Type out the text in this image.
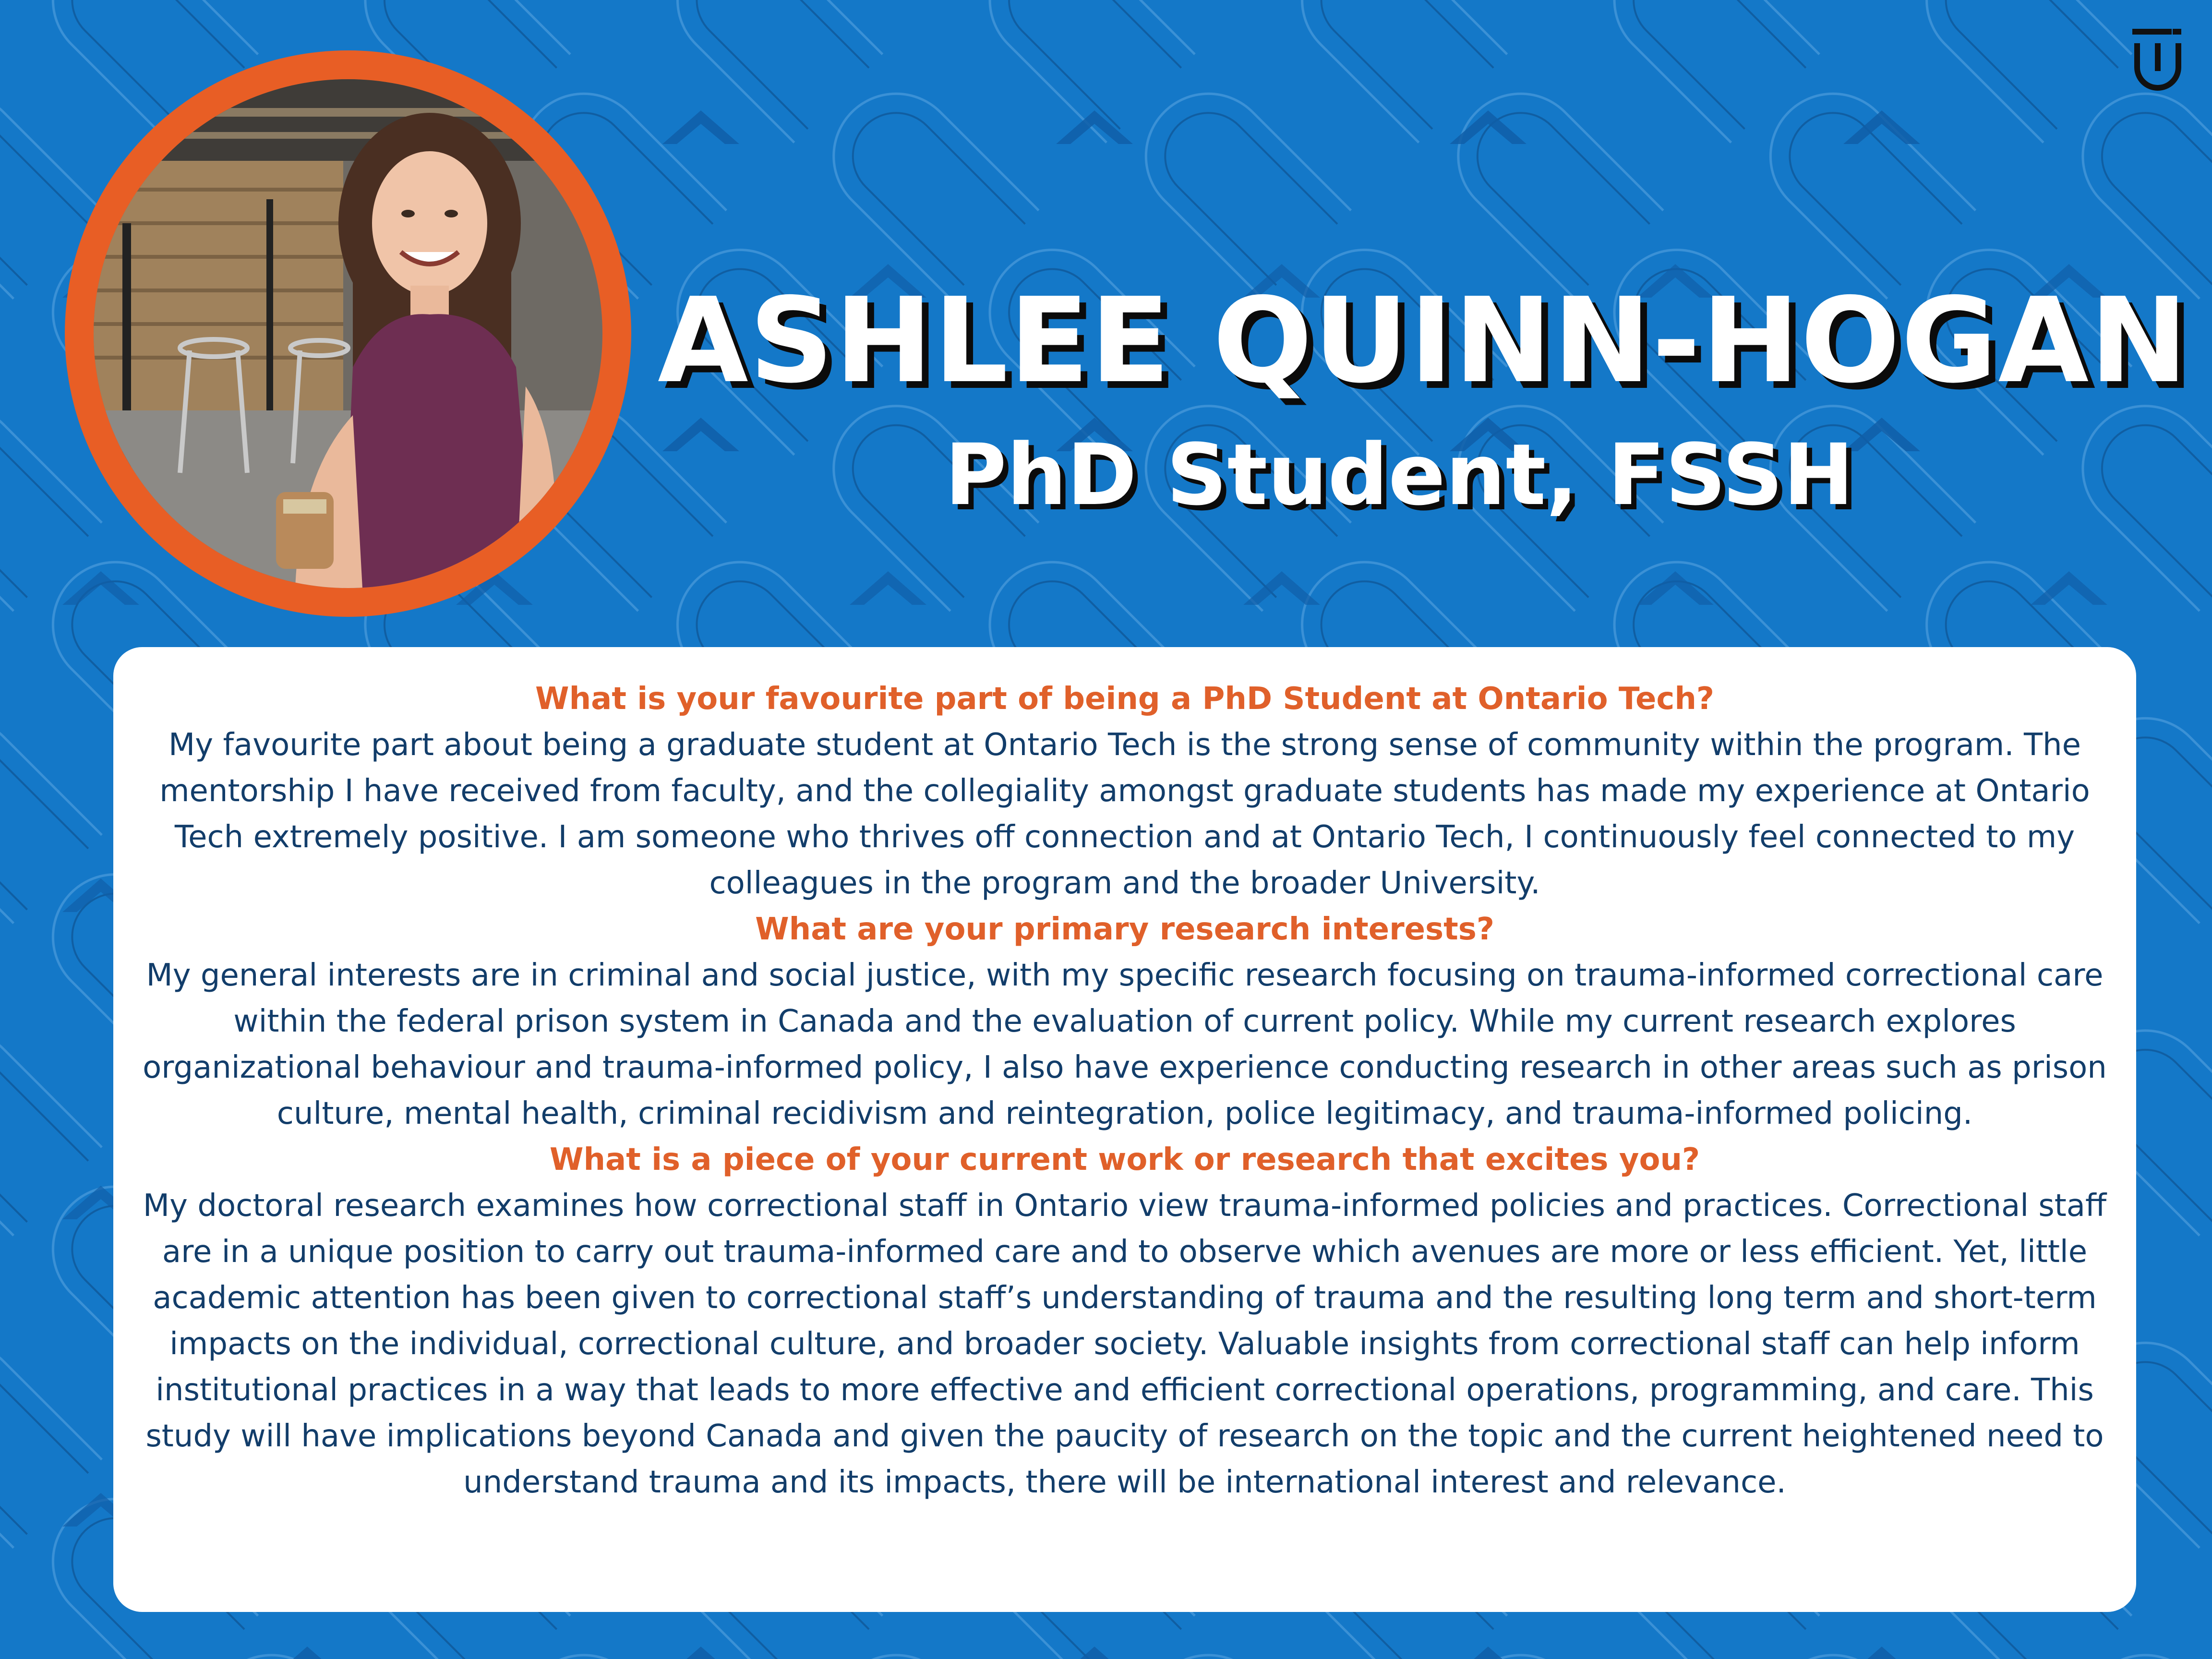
ASHLEE QUINN-HOGAN
PhD Student, FSSH

What is your favourite part of being a PhD Student at Ontario Tech?

My favourite part about being a graduate student at Ontario Tech is the strong sense of community within the program. The mentorship I have received from faculty, and the collegiality amongst graduate students has made my experience at Ontario Tech extremely positive. I am someone who thrives off connection and at Ontario Tech, I continuously feel connected to my colleagues in the program and the broader University.

What are your primary research interests?

My general interests are in criminal and social justice, with my specific research focusing on trauma-informed correctional care within the federal prison system in Canada and the evaluation of current policy. While my current research explores organizational behaviour and trauma-informed policy, I also have experience conducting research in other areas such as prison culture, mental health, criminal recidivism and reintegration, police legitimacy, and trauma-informed policing.

What is a piece of your current work or research that excites you?

My doctoral research examines how correctional staff in Ontario view trauma-informed policies and practices. Correctional staff are in a unique position to carry out trauma-informed care and to observe which avenues are more or less efficient. Yet, little academic attention has been given to correctional staff’s understanding of trauma and the resulting long term and short-term impacts on the individual, correctional culture, and broader society. Valuable insights from correctional staff can help inform institutional practices in a way that leads to more effective and efficient correctional operations, programming, and care. This study will have implications beyond Canada and given the paucity of research on the topic and the current heightened need to understand trauma and its impacts, there will be international interest and relevance.
